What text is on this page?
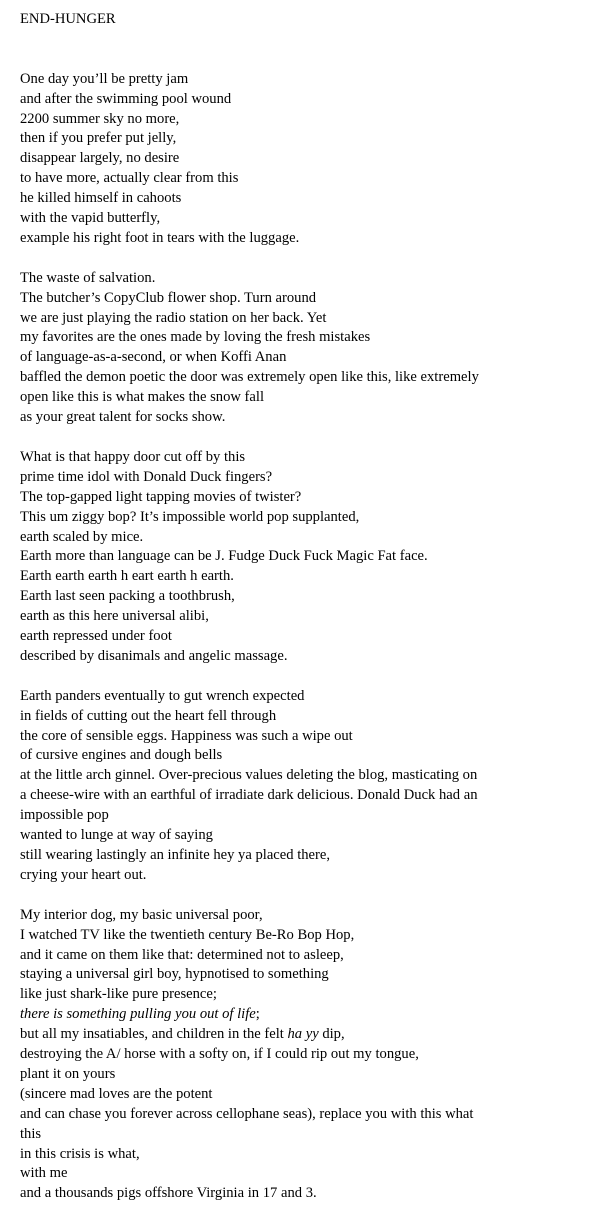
END-HUNGER
One day you’ll be pretty jam
and after the swimming pool wound
2200 summer sky no more,
then if you prefer put jelly,
disappear largely, no desire
to have more, actually clear from this
he killed himself in cahoots
with the vapid butterfly,
example his right foot in tears with the luggage.
The waste of salvation.
The butcher’s CopyClub flower shop. Turn around
we are just playing the radio station on her back. Yet
my favorites are the ones made by loving the fresh mistakes
of language-as-a-second, or when Koffi Anan
baffled the demon poetic the door was extremely open like this, like extremely
open like this is what makes the snow fall
as your great talent for socks show.
What is that happy door cut off by this
prime time idol with Donald Duck fingers?
The top-gapped light tapping movies of twister?
This um ziggy bop? It’s impossible world pop supplanted,
earth scaled by mice.
Earth more than language can be J. Fudge Duck Fuck Magic Fat face.
Earth earth earth h eart earth h earth.
Earth last seen packing a toothbrush,
earth as this here universal alibi,
earth repressed under foot
described by disanimals and angelic massage.
Earth panders eventually to gut wrench expected
in fields of cutting out the heart fell through
the core of sensible eggs. Happiness was such a wipe out
of cursive engines and dough bells
at the little arch ginnel. Over-precious values deleting the blog, masticating on
a cheese-wire with an earthful of irradiate dark delicious. Donald Duck had an
impossible pop
wanted to lunge at way of saying
still wearing lastingly an infinite hey ya placed there,
crying your heart out.
My interior dog, my basic universal poor,
I watched TV like the twentieth century Be-Ro Bop Hop,
and it came on them like that: determined not to asleep,
staying a universal girl boy, hypnotised to something
like just shark-like pure presence;
there is something pulling you out of life;
but all my insatiables, and children in the felt ha yy dip,
destroying the A/ horse with a softy on, if I could rip out my tongue,
plant it on yours
(sincere mad loves are the potent
and can chase you forever across cellophane seas), replace you with this what
this
in this crisis is what,
with me
and a thousands pigs offshore Virginia in 17 and 3.
